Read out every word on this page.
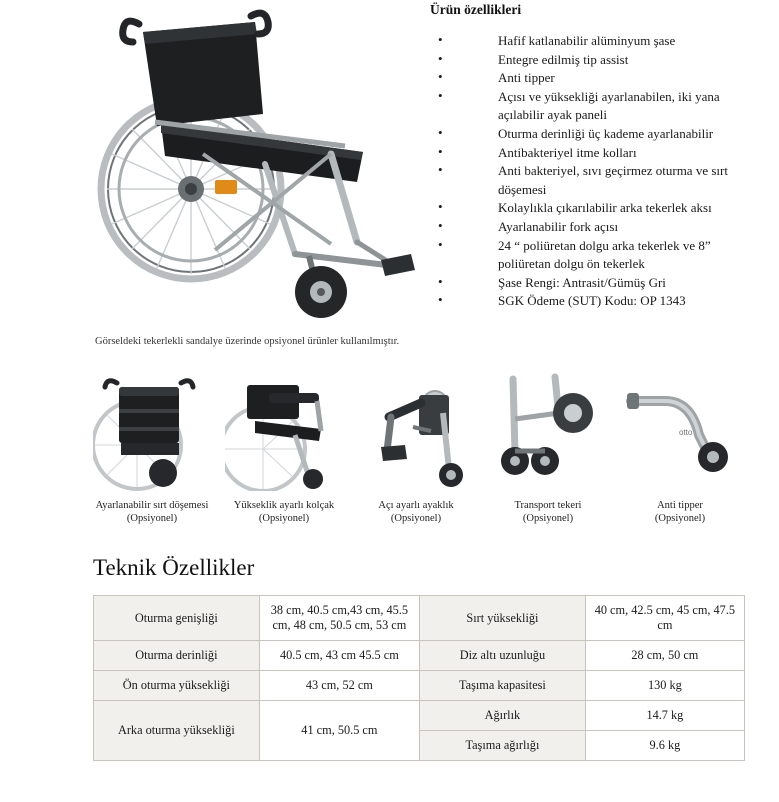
Görseldeki tekerlekli sandalye üzerinde opsiyonel ürünler kullanılmıştır.
Ürün özellikleri
• Hafif katlanabilir alüminyum şase
• Entegre edilmiş tip assist
• Anti tipper
• Açısı ve yüksekliği ayarlanabilen, iki yana açılabilir ayak paneli
• Oturma derinliği üç kademe ayarlanabilir
• Antibakteriyel itme kolları
• Anti bakteriyel, sıvı geçirmez oturma ve sırt döşemesi
• Kolaylıkla çıkarılabilir arka tekerlek aksı
• Ayarlanabilir fork açısı
• 24 “ poliüretan dolgu arka tekerlek ve 8” poliüretan dolgu ön tekerlek
• Şase Rengi: Antrasit/Gümüş Gri
• SGK Ödeme (SUT) Kodu: OP 1343
Ayarlanabilir sırt döşemesi
(Opsiyonel)
Yükseklik ayarlı kolçak
(Opsiyonel)
Açı ayarlı ayaklık
(Opsiyonel)
Transport tekeri
(Opsiyonel)
otto
Anti tipper
(Opsiyonel)
Teknik Özellikler
Oturma genişliği	38 cm, 40.5 cm,43 cm, 45.5 cm, 48 cm, 50.5 cm, 53 cm	Sırt yüksekliği	40 cm, 42.5 cm, 45 cm, 47.5 cm
Oturma derinliği	40.5 cm, 43 cm 45.5 cm	Diz altı uzunluğu	28 cm, 50 cm
Ön oturma yüksekliği	43 cm, 52 cm	Taşıma kapasitesi	130 kg
Arka oturma yüksekliği	41 cm, 50.5 cm	Ağırlık	14.7 kg
		Taşıma ağırlığı	9.6 kg
